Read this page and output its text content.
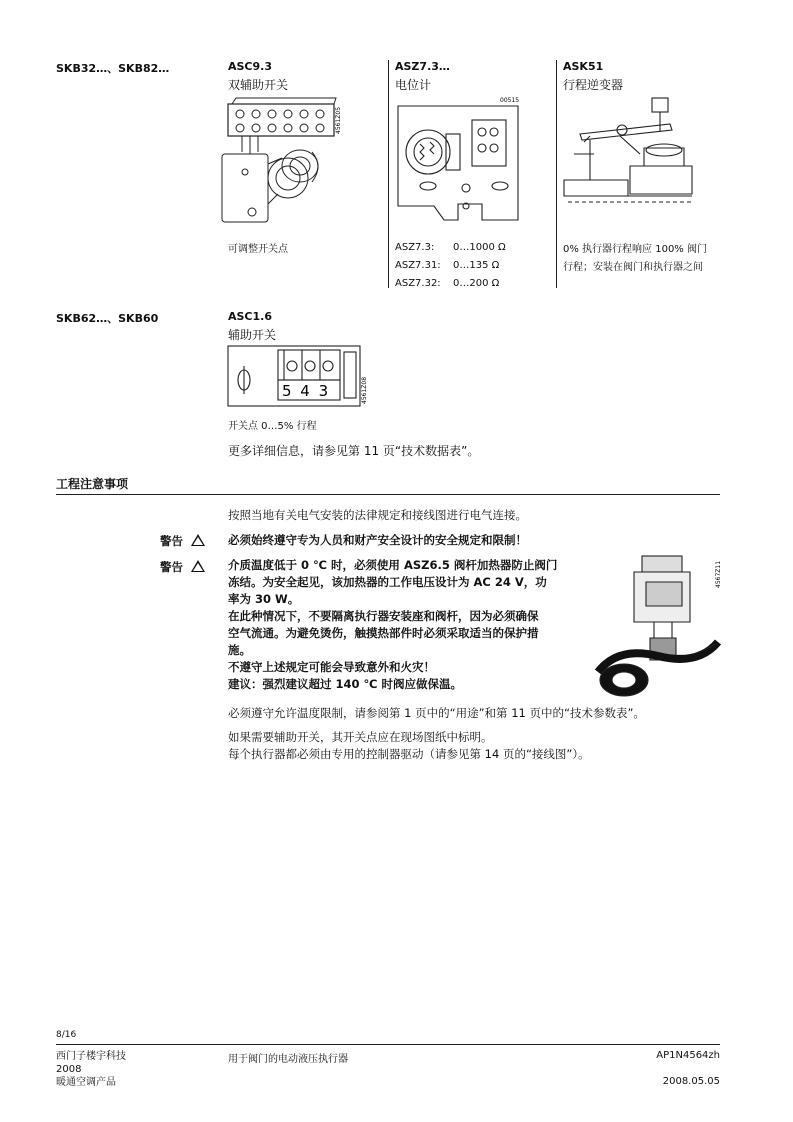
SKB32…、SKB82…	ASC9.3
双辅助开关
4561Z05
可调整开关点
ASZ7.3…
电位计
00515
ASZ7.3:	0…1000 Ω
ASZ7.31:	0…135 Ω
ASZ7.32:	0…200 Ω
ASK51
行程逆变器
0% 执行器行程响应 100% 阀门
行程；安装在阀门和执行器之间
SKB62…、SKB60	ASC1.6
辅助开关
5 4 3	4561Z08
开关点 0…5% 行程
更多详细信息，请参见第 11 页“技术数据表”。
工程注意事项
按照当地有关电气安装的法律规定和接线图进行电气连接。
警告	必须始终遵守专为人员和财产安全设计的安全规定和限制！
警告	介质温度低于 0 ℃ 时，必须使用 ASZ6.5 阀杆加热器防止阀门
冻结。为安全起见，该加热器的工作电压设计为 AC 24 V，功
率为 30 W。
在此种情况下，不要隔离执行器安装座和阀杆，因为必须确保
空气流通。为避免烫伤，触摸热部件时必须采取适当的保护措
施。
不遵守上述规定可能会导致意外和火灾！
建议：强烈建议超过 140 ℃ 时阀应做保温。
4567Z11
必须遵守允许温度限制，请参阅第 1 页中的“用途”和第 11 页中的“技术参数表”。
如果需要辅助开关，其开关点应在现场图纸中标明。
每个执行器都必须由专用的控制器驱动（请参见第 14 页的“接线图”）。
8/16
西门子楼宇科技
2008
暖通空调产品
用于阀门的电动液压执行器	AP1N4564zh
2008.05.05
